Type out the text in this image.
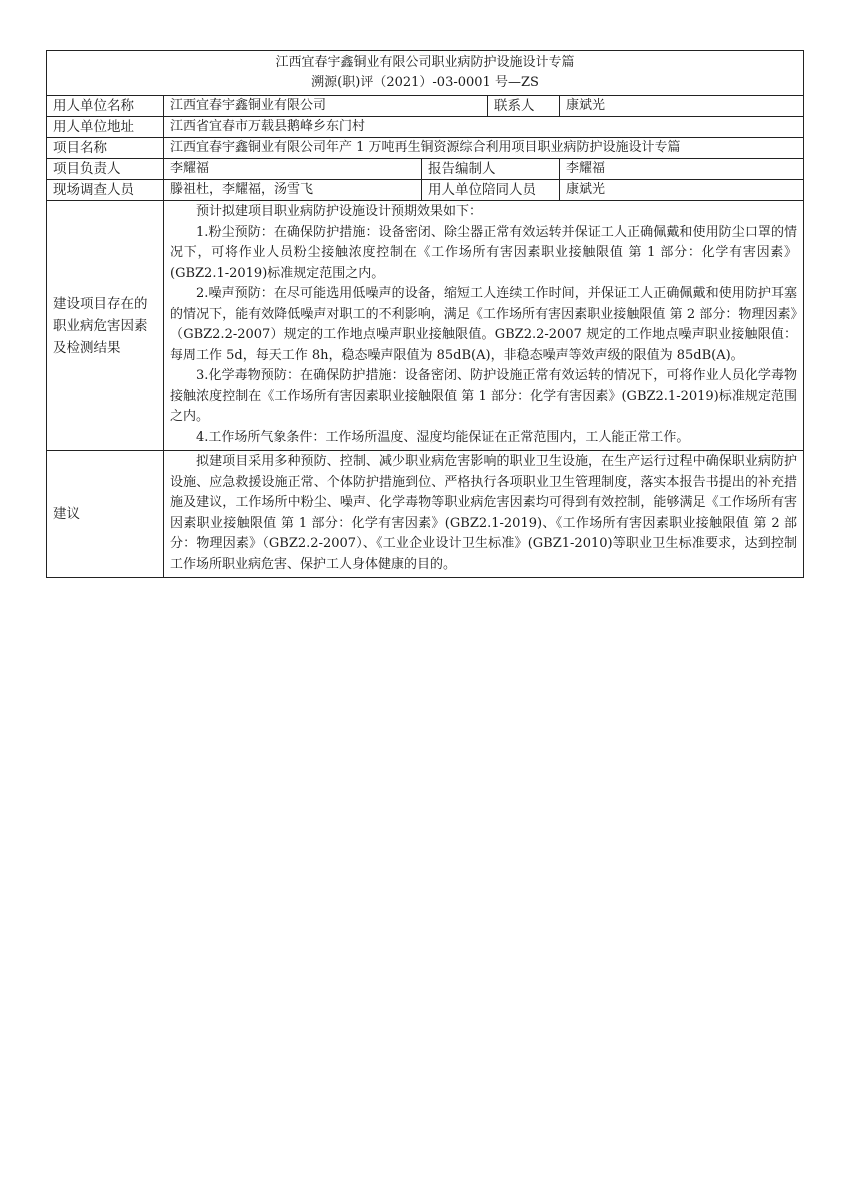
江西宜春宇鑫铜业有限公司职业病防护设施设计专篇
溯源(职)评（2021）-03-0001 号—ZS				

用人单位名称	江西宜春宇鑫铜业有限公司		联系人	康斌光
用人单位地址	江西省宜春市万载县鹅峰乡东门村			
项目名称	江西宜春宇鑫铜业有限公司年产 1 万吨再生铜资源综合利用项目职业病防护设施设计专篇			
项目负责人	李耀福	报告编制人		李耀福
现场调查人员	滕祖杜，李耀福，汤雪飞	用人单位陪同人员		康斌光
建设项目存在的职业病危害因素及检测结果	预计拟建项目职业病防护设施设计预期效果如下：

1.粉尘预防：在确保防护措施：设备密闭、除尘器正常有效运转并保证工人正确佩戴和使用防尘口罩的情况下，可将作业人员粉尘接触浓度控制在《工作场所有害因素职业接触限值 第 1 部分：化学有害因素》(GBZ2.1-2019)标准规定范围之内。

2.噪声预防：在尽可能选用低噪声的设备，缩短工人连续工作时间，并保证工人正确佩戴和使用防护耳塞的情况下，能有效降低噪声对职工的不利影响，满足《工作场所有害因素职业接触限值 第 2 部分：物理因素》（GBZ2.2-2007）规定的工作地点噪声职业接触限值。GBZ2.2-2007 规定的工作地点噪声职业接触限值：每周工作 5d，每天工作 8h，稳态噪声限值为 85dB(A)，非稳态噪声等效声级的限值为 85dB(A)。

3.化学毒物预防：在确保防护措施：设备密闭、防护设施正常有效运转的情况下，可将作业人员化学毒物接触浓度控制在《工作场所有害因素职业接触限值 第 1 部分：化学有害因素》(GBZ2.1-2019)标准规定范围之内。

4.工作场所气象条件：工作场所温度、湿度均能保证在正常范围内，工人能正常工作。			

建议	拟建项目采用多种预防、控制、减少职业病危害影响的职业卫生设施，在生产运行过程中确保职业病防护设施、应急救援设施正常、个体防护措施到位、严格执行各项职业卫生管理制度，落实本报告书提出的补充措施及建议，工作场所中粉尘、噪声、化学毒物等职业病危害因素均可得到有效控制，能够满足《工作场所有害因素职业接触限值 第 1 部分：化学有害因素》(GBZ2.1-2019)、《工作场所有害因素职业接触限值 第 2 部分：物理因素》（GBZ2.2-2007）、《工业企业设计卫生标准》(GBZ1-2010)等职业卫生标准要求，达到控制工作场所职业病危害、保护工人身体健康的目的。			
